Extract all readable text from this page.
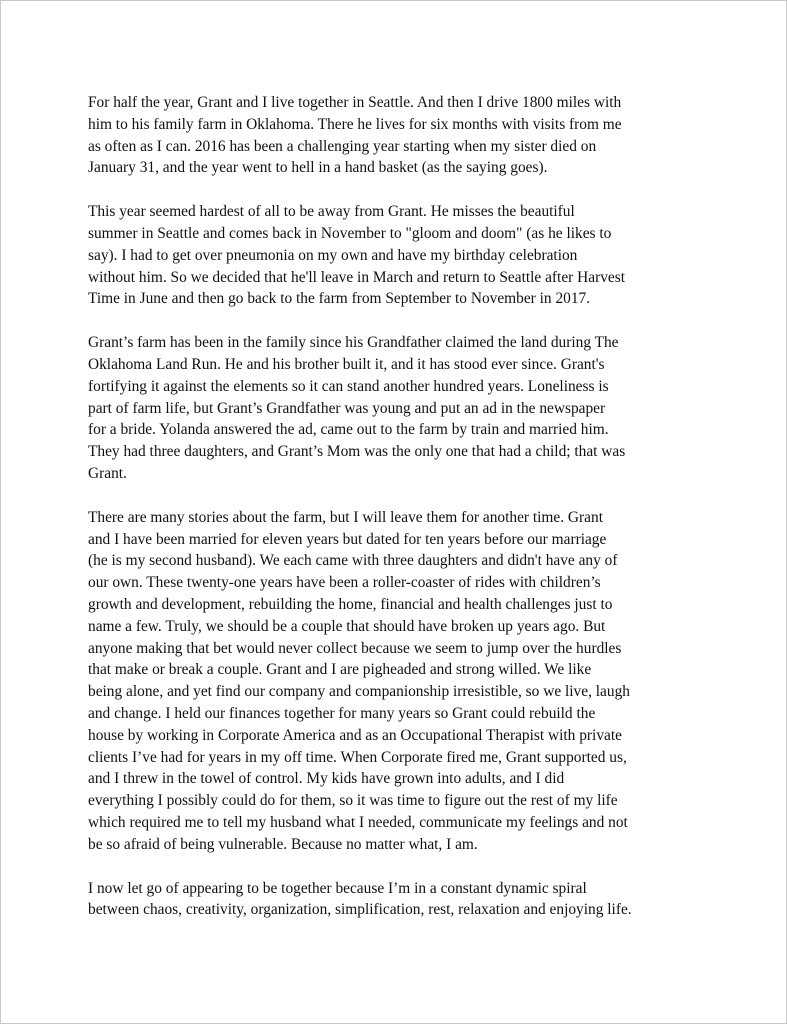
For half the year, Grant and I live together in Seattle. And then I drive 1800 miles with
him to his family farm in Oklahoma. There he lives for six months with visits from me
as often as I can. 2016 has been a challenging year starting when my sister died on
January 31, and the year went to hell in a hand basket (as the saying goes).
This year seemed hardest of all to be away from Grant. He misses the beautiful
summer in Seattle and comes back in November to "gloom and doom" (as he likes to
say). I had to get over pneumonia on my own and have my birthday celebration
without him. So we decided that he'll leave in March and return to Seattle after Harvest
Time in June and then go back to the farm from September to November in 2017.
Grant’s farm has been in the family since his Grandfather claimed the land during The
Oklahoma Land Run. He and his brother built it, and it has stood ever since. Grant's
fortifying it against the elements so it can stand another hundred years. Loneliness is
part of farm life, but Grant’s Grandfather was young and put an ad in the newspaper
for a bride. Yolanda answered the ad, came out to the farm by train and married him.
They had three daughters, and Grant’s Mom was the only one that had a child; that was
Grant.
There are many stories about the farm, but I will leave them for another time. Grant
and I have been married for eleven years but dated for ten years before our marriage
(he is my second husband). We each came with three daughters and didn't have any of
our own. These twenty-one years have been a roller-coaster of rides with children’s
growth and development, rebuilding the home, financial and health challenges just to
name a few. Truly, we should be a couple that should have broken up years ago. But
anyone making that bet would never collect because we seem to jump over the hurdles
that make or break a couple. Grant and I are pigheaded and strong willed. We like
being alone, and yet find our company and companionship irresistible, so we live, laugh
and change. I held our finances together for many years so Grant could rebuild the
house by working in Corporate America and as an Occupational Therapist with private
clients I’ve had for years in my off time. When Corporate fired me, Grant supported us,
and I threw in the towel of control. My kids have grown into adults, and I did
everything I possibly could do for them, so it was time to figure out the rest of my life
which required me to tell my husband what I needed, communicate my feelings and not
be so afraid of being vulnerable. Because no matter what, I am.
I now let go of appearing to be together because I’m in a constant dynamic spiral
between chaos, creativity, organization, simplification, rest, relaxation and enjoying life.
